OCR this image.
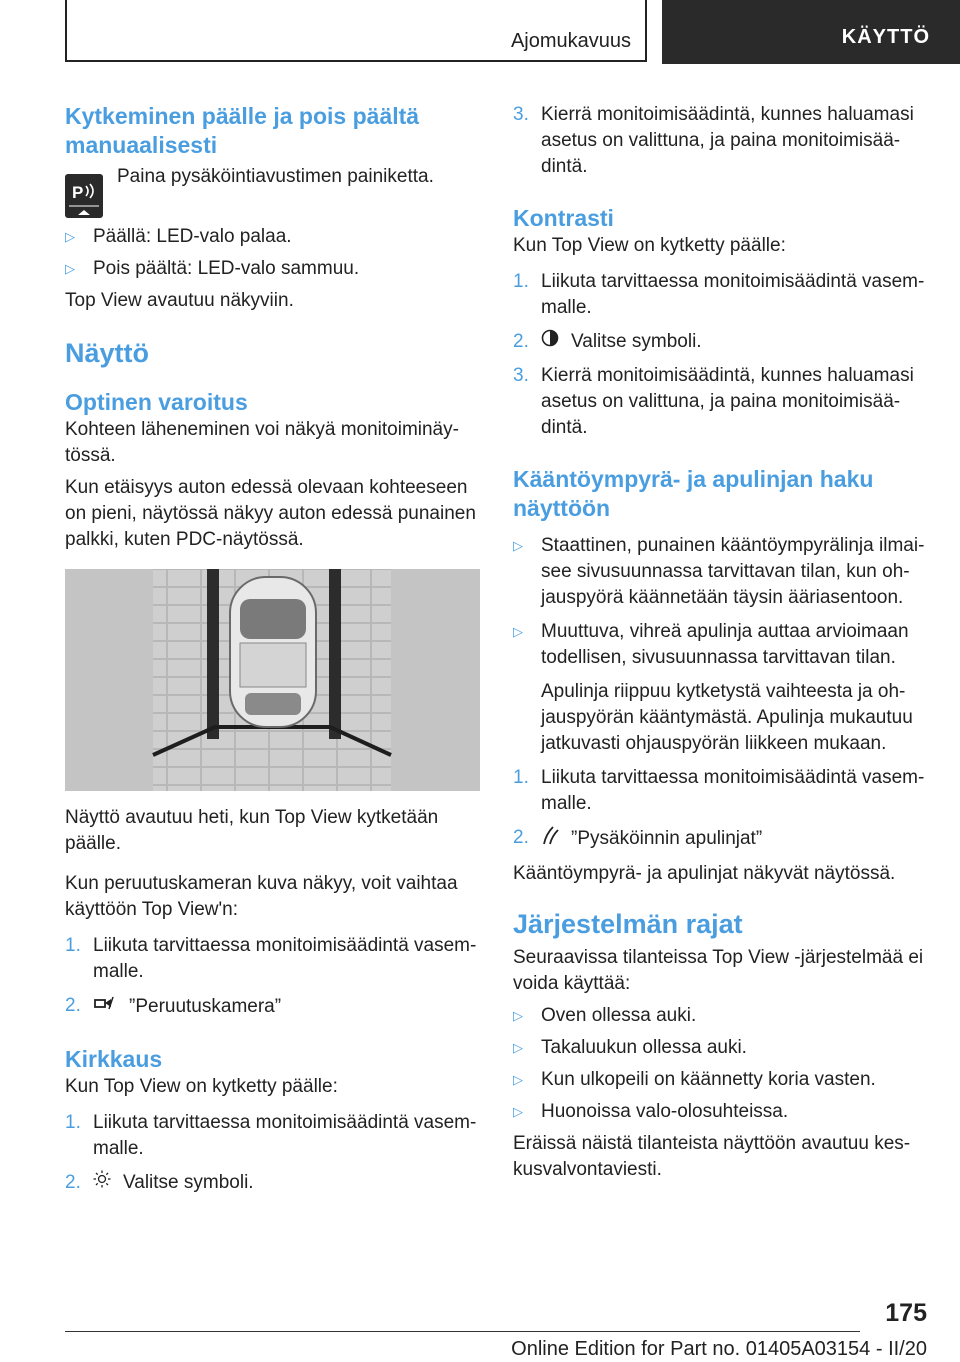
Ajomukavuus	KÄYTTÖ
Kytkeminen päälle ja pois päältä manuaalisesti
P

Paina pysäköintiavustimen painiketta.

▷ Päällä: LED-valo palaa.
▷ Pois päältä: LED-valo sammuu.

Top View avautuu näkyviin.

Näyttö
Optinen varoitus

Kohteen läheneminen voi näkyä monitoiminäytössä.

Kun etäisyys auton edessä olevaan kohteeseen on pieni, näytössä näkyy auton edessä punainen palkki, kuten PDC-näytössä.

Näyttö avautuu heti, kun Top View kytketään päälle.

Kun peruutuskameran kuva näkyy, voit vaihtaa käyttöön Top View'n:

1. Liikuta tarvittaessa monitoimisäädintä vasemmalle.
2.	”Peruutuskamera”
Kirkkaus

Kun Top View on kytketty päälle:

1. Liikuta tarvittaessa monitoimisäädintä vasemmalle.
2.	Valitse symboli.
3. Kierrä monitoimisäädintä, kunnes haluamasi asetus on valittuna, ja paina monitoimisäädintä.
Kontrasti

Kun Top View on kytketty päälle:

1. Liikuta tarvittaessa monitoimisäädintä vasemmalle.
2.	Valitse symboli.
3. Kierrä monitoimisäädintä, kunnes haluamasi asetus on valittuna, ja paina monitoimisäädintä.
Kääntöympyrä- ja apulinjan haku näyttöön
▷ Staattinen, punainen kääntöympyrälinja ilmaisee sivusuunnassa tarvittavan tilan, kun ohjauspyörä käännetään täysin ääriasentoon.
▷ Muuttuva, vihreä apulinja auttaa arvioimaan todellisen, sivusuunnassa tarvittavan tilan.

Apulinja riippuu kytketystä vaihteesta ja ohjauspyörän kääntymästä. Apulinja mukautuu jatkuvasti ohjauspyörän liikkeen mukaan.

1. Liikuta tarvittaessa monitoimisäädintä vasemmalle.
2.	”Pysäköinnin apulinjat”

Kääntöympyrä- ja apulinjat näkyvät näytössä.

Järjestelmän rajat

Seuraavissa tilanteissa Top View -järjestelmää ei voida käyttää:

▷ Oven ollessa auki.
▷ Takaluukun ollessa auki.
▷ Kun ulkopeili on käännetty koria vasten.
▷ Huonoissa valo-olosuhteissa.

Eräissä näistä tilanteista näyttöön avautuu keskusvalvontaviesti.

175
Online Edition for Part no. 01405A03154 - II/20
